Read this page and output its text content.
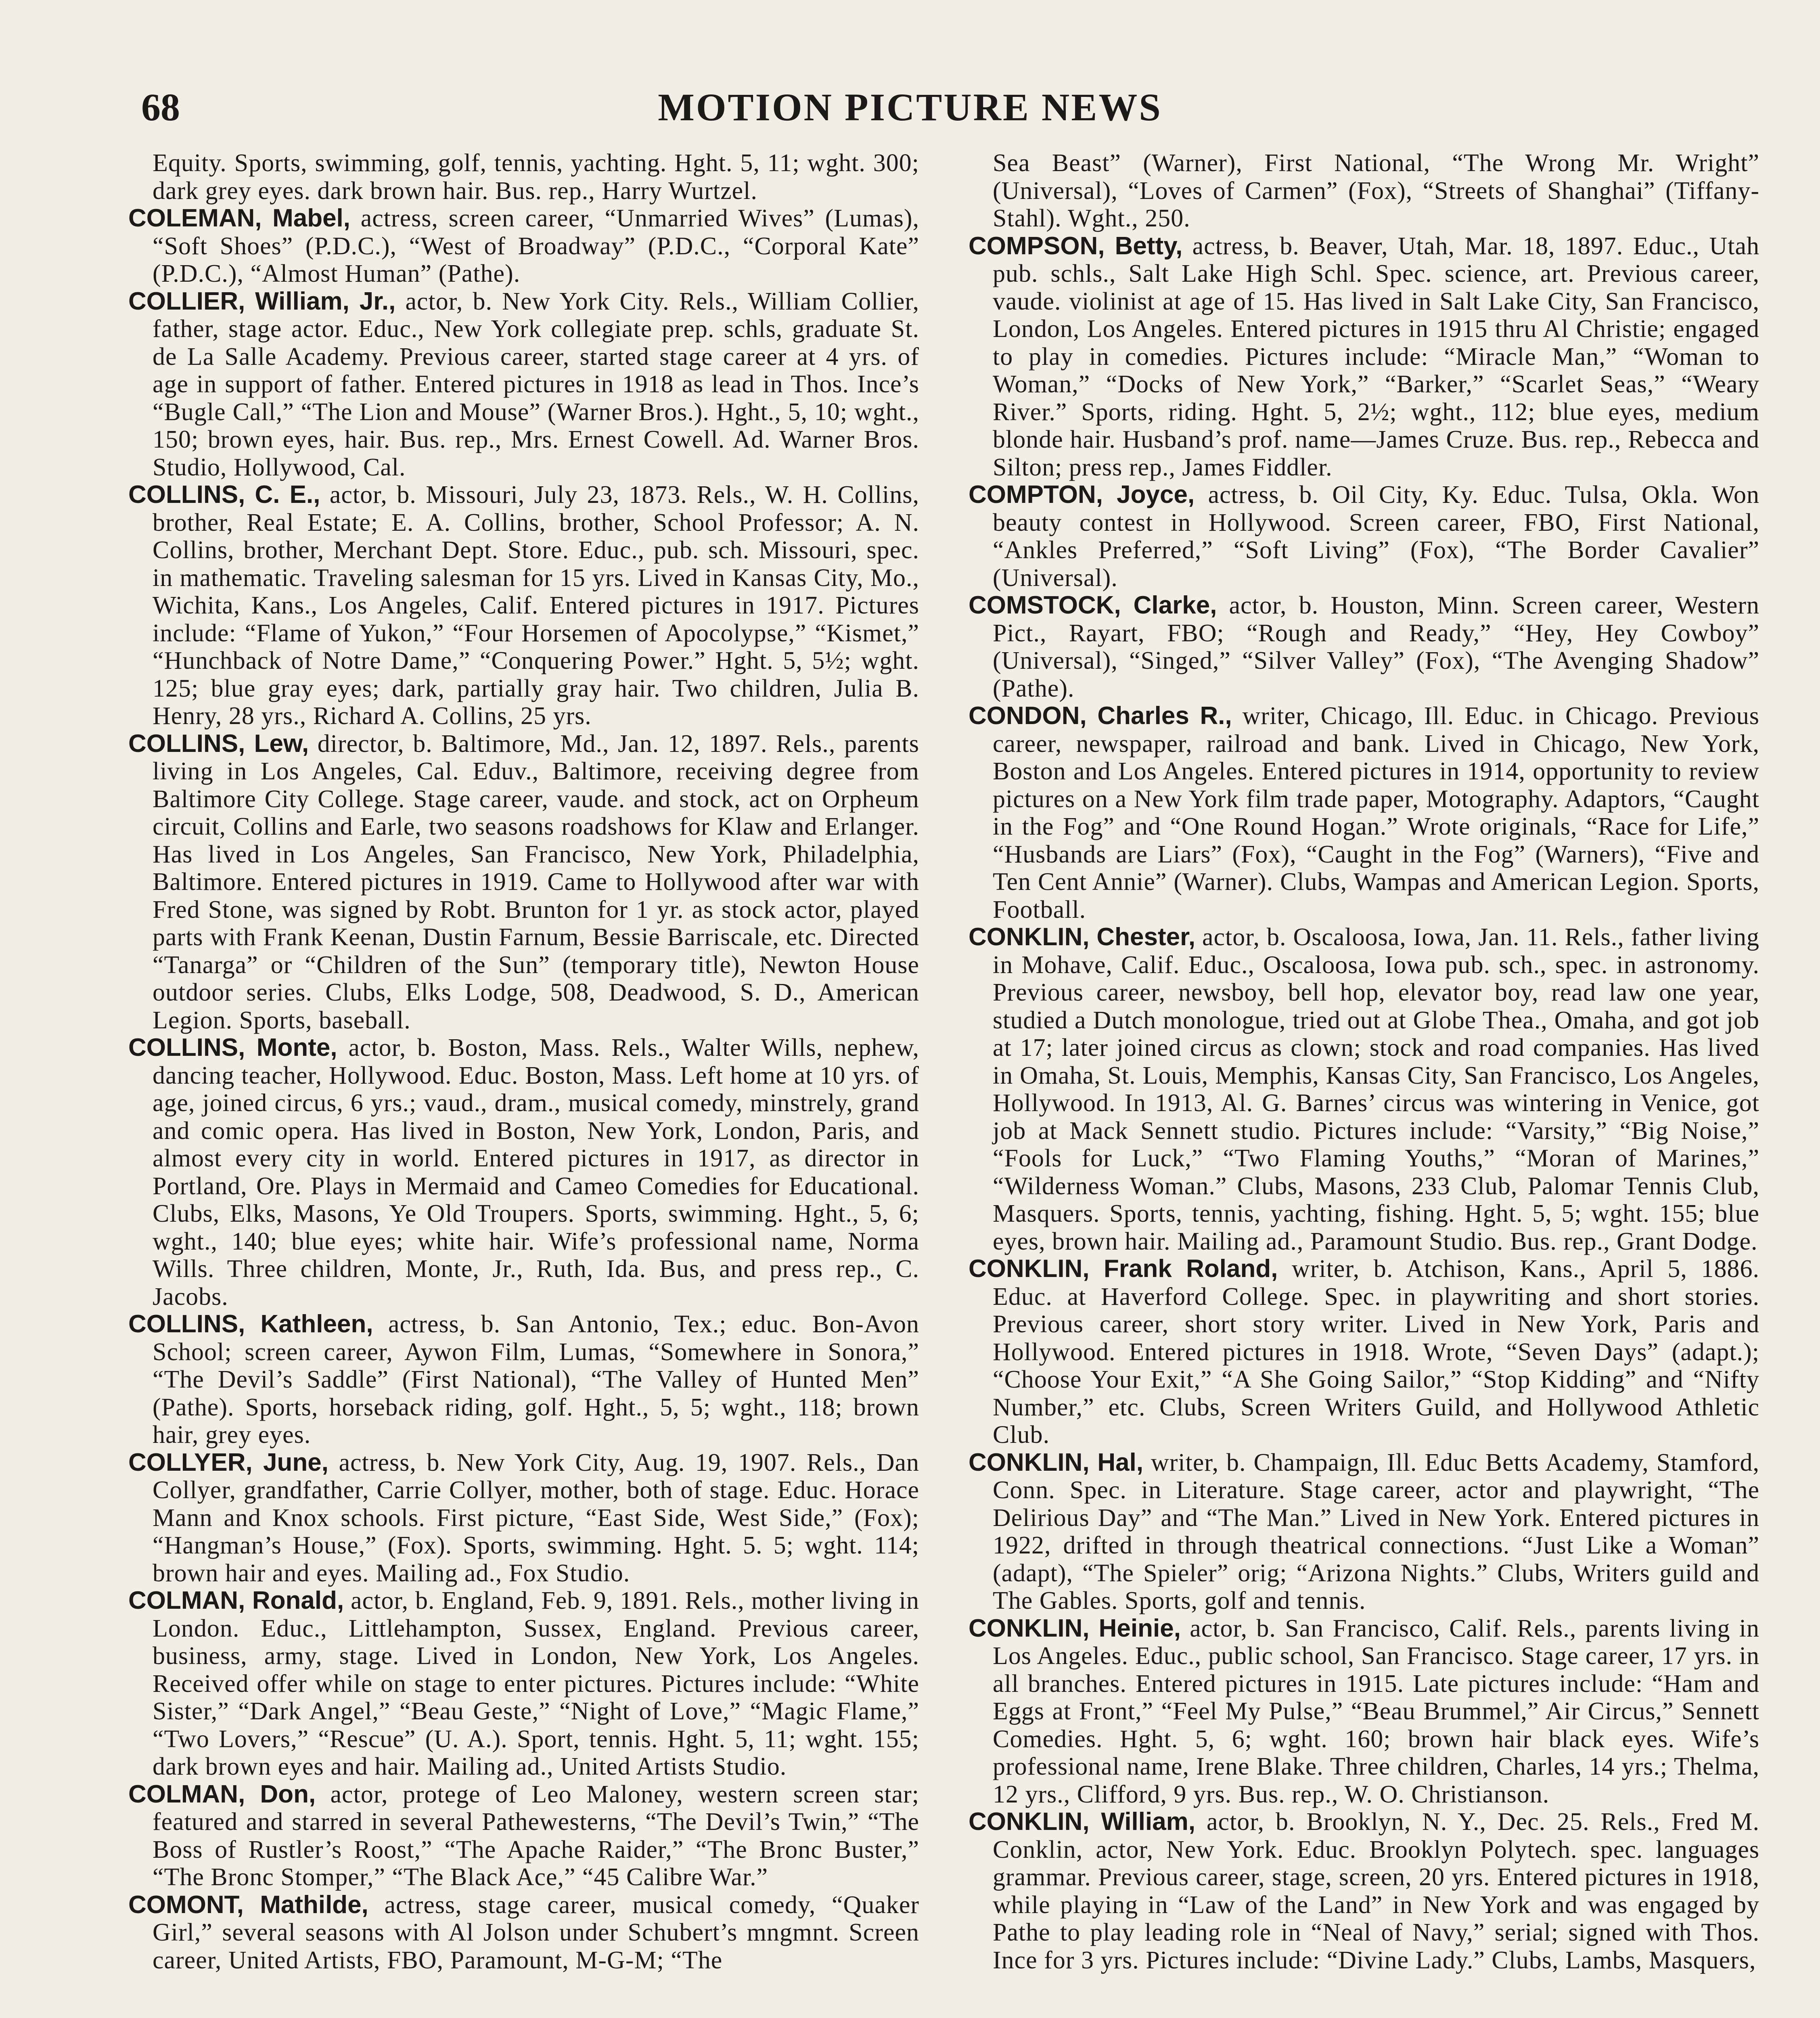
68	MOTION PICTURE NEWS

Equity. Sports, swimming, golf, tennis, yachting. Hght. 5, 11; wght. 300; dark grey eyes. dark brown hair. Bus. rep., Harry Wurtzel.

COLEMAN, Mabel, actress, screen career, “Unmarried Wives” (Lumas), “Soft Shoes” (P.D.C.), “West of Broadway” (P.D.C., “Corporal Kate” (P.D.C.), “Almost Human” (Pathe).

COLLIER, William, Jr., actor, b. New York City. Rels., William Collier, father, stage actor. Educ., New York collegiate prep. schls, graduate St. de La Salle Academy. Previous career, started stage career at 4 yrs. of age in support of father. Entered pictures in 1918 as lead in Thos. Ince’s “Bugle Call,” “The Lion and Mouse” (Warner Bros.). Hght., 5, 10; wght., 150; brown eyes, hair. Bus. rep., Mrs. Ernest Cowell. Ad. Warner Bros. Studio, Hollywood, Cal.

COLLINS, C. E., actor, b. Missouri, July 23, 1873. Rels., W. H. Collins, brother, Real Estate; E. A. Collins, brother, School Professor; A. N. Collins, brother, Merchant Dept. Store. Educ., pub. sch. Missouri, spec. in mathematic. Traveling salesman for 15 yrs. Lived in Kansas City, Mo., Wichita, Kans., Los Angeles, Calif. Entered pictures in 1917. Pictures include: “Flame of Yukon,” “Four Horsemen of Apocolypse,” “Kismet,” “Hunchback of Notre Dame,” “Conquering Power.” Hght. 5, 5½; wght. 125; blue gray eyes; dark, partially gray hair. Two children, Julia B. Henry, 28 yrs., Richard A. Collins, 25 yrs.

COLLINS, Lew, director, b. Baltimore, Md., Jan. 12, 1897. Rels., parents living in Los Angeles, Cal. Eduv., Baltimore, receiving degree from Baltimore City College. Stage career, vaude. and stock, act on Orpheum circuit, Collins and Earle, two seasons roadshows for Klaw and Erlanger. Has lived in Los Angeles, San Francisco, New York, Philadelphia, Baltimore. Entered pictures in 1919. Came to Hollywood after war with Fred Stone, was signed by Robt. Brunton for 1 yr. as stock actor, played parts with Frank Keenan, Dustin Farnum, Bessie Barriscale, etc. Directed “Tanarga” or “Children of the Sun” (temporary title), Newton House outdoor series. Clubs, Elks Lodge, 508, Deadwood, S. D., American Legion. Sports, baseball.

COLLINS, Monte, actor, b. Boston, Mass. Rels., Walter Wills, nephew, dancing teacher, Hollywood. Educ. Boston, Mass. Left home at 10 yrs. of age, joined circus, 6 yrs.; vaud., dram., musical comedy, minstrely, grand and comic opera. Has lived in Boston, New York, London, Paris, and almost every city in world. Entered pictures in 1917, as director in Portland, Ore. Plays in Mermaid and Cameo Comedies for Educational. Clubs, Elks, Masons, Ye Old Troupers. Sports, swimming. Hght., 5, 6; wght., 140; blue eyes; white hair. Wife’s professional name, Norma Wills. Three children, Monte, Jr., Ruth, Ida. Bus, and press rep., C. Jacobs.

COLLINS, Kathleen, actress, b. San Antonio, Tex.; educ. Bon-Avon School; screen career, Aywon Film, Lumas, “Somewhere in Sonora,” “The Devil’s Saddle” (First National), “The Valley of Hunted Men” (Pathe). Sports, horseback riding, golf. Hght., 5, 5; wght., 118; brown hair, grey eyes.

COLLYER, June, actress, b. New York City, Aug. 19, 1907. Rels., Dan Collyer, grandfather, Carrie Collyer, mother, both of stage. Educ. Horace Mann and Knox schools. First picture, “East Side, West Side,” (Fox); “Hangman’s House,” (Fox). Sports, swimming. Hght. 5. 5; wght. 114; brown hair and eyes. Mailing ad., Fox Studio.

COLMAN, Ronald, actor, b. England, Feb. 9, 1891. Rels., mother living in London. Educ., Littlehampton, Sussex, England. Previous career, business, army, stage. Lived in London, New York, Los Angeles. Received offer while on stage to enter pictures. Pictures include: “White Sister,” “Dark Angel,” “Beau Geste,” “Night of Love,” “Magic Flame,” “Two Lovers,” “Rescue” (U. A.). Sport, tennis. Hght. 5, 11; wght. 155; dark brown eyes and hair. Mailing ad., United Artists Studio.

COLMAN, Don, actor, protege of Leo Maloney, western screen star; featured and starred in several Pathewesterns, “The Devil’s Twin,” “The Boss of Rustler’s Roost,” “The Apache Raider,” “The Bronc Buster,” “The Bronc Stomper,” “The Black Ace,” “45 Calibre War.”

COMONT, Mathilde, actress, stage career, musical comedy, “Quaker Girl,” several seasons with Al Jolson under Schubert’s mngmnt. Screen career, United Artists, FBO, Paramount, M-G-M; “The

Sea Beast” (Warner), First National, “The Wrong Mr. Wright” (Universal), “Loves of Carmen” (Fox), “Streets of Shanghai” (Tiffany-Stahl). Wght., 250.

COMPSON, Betty, actress, b. Beaver, Utah, Mar. 18, 1897. Educ., Utah pub. schls., Salt Lake High Schl. Spec. science, art. Previous career, vaude. violinist at age of 15. Has lived in Salt Lake City, San Francisco, London, Los Angeles. Entered pictures in 1915 thru Al Christie; engaged to play in comedies. Pictures include: “Miracle Man,” “Woman to Woman,” “Docks of New York,” “Barker,” “Scarlet Seas,” “Weary River.” Sports, riding. Hght. 5, 2½; wght., 112; blue eyes, medium blonde hair. Husband’s prof. name—James Cruze. Bus. rep., Rebecca and Silton; press rep., James Fiddler.

COMPTON, Joyce, actress, b. Oil City, Ky. Educ. Tulsa, Okla. Won beauty contest in Hollywood. Screen career, FBO, First National, “Ankles Preferred,” “Soft Living” (Fox), “The Border Cavalier” (Universal).

COMSTOCK, Clarke, actor, b. Houston, Minn. Screen career, Western Pict., Rayart, FBO; “Rough and Ready,” “Hey, Hey Cowboy” (Universal), “Singed,” “Silver Valley” (Fox), “The Avenging Shadow” (Pathe).

CONDON, Charles R., writer, Chicago, Ill. Educ. in Chicago. Previous career, newspaper, railroad and bank. Lived in Chicago, New York, Boston and Los Angeles. Entered pictures in 1914, opportunity to review pictures on a New York film trade paper, Motography. Adaptors, “Caught in the Fog” and “One Round Hogan.” Wrote originals, “Race for Life,” “Husbands are Liars” (Fox), “Caught in the Fog” (Warners), “Five and Ten Cent Annie” (Warner). Clubs, Wampas and American Legion. Sports, Football.

CONKLIN, Chester, actor, b. Oscaloosa, Iowa, Jan. 11. Rels., father living in Mohave, Calif. Educ., Oscaloosa, Iowa pub. sch., spec. in astronomy. Previous career, newsboy, bell hop, elevator boy, read law one year, studied a Dutch monologue, tried out at Globe Thea., Omaha, and got job at 17; later joined circus as clown; stock and road companies. Has lived in Omaha, St. Louis, Memphis, Kansas City, San Francisco, Los Angeles, Hollywood. In 1913, Al. G. Barnes’ circus was wintering in Venice, got job at Mack Sennett studio. Pictures include: “Varsity,” “Big Noise,” “Fools for Luck,” “Two Flaming Youths,” “Moran of Marines,” “Wilderness Woman.” Clubs, Masons, 233 Club, Palomar Tennis Club, Masquers. Sports, tennis, yachting, fishing. Hght. 5, 5; wght. 155; blue eyes, brown hair. Mailing ad., Paramount Studio. Bus. rep., Grant Dodge.

CONKLIN, Frank Roland, writer, b. Atchison, Kans., April 5, 1886. Educ. at Haverford College. Spec. in playwriting and short stories. Previous career, short story writer. Lived in New York, Paris and Hollywood. Entered pictures in 1918. Wrote, “Seven Days” (adapt.); “Choose Your Exit,” “A She Going Sailor,” “Stop Kidding” and “Nifty Number,” etc. Clubs, Screen Writers Guild, and Hollywood Athletic Club.

CONKLIN, Hal, writer, b. Champaign, Ill. Educ Betts Academy, Stamford, Conn. Spec. in Literature. Stage career, actor and playwright, “The Delirious Day” and “The Man.” Lived in New York. Entered pictures in 1922, drifted in through theatrical connections. “Just Like a Woman” (adapt), “The Spieler” orig; “Arizona Nights.” Clubs, Writers guild and The Gables. Sports, golf and tennis.

CONKLIN, Heinie, actor, b. San Francisco, Calif. Rels., parents living in Los Angeles. Educ., public school, San Francisco. Stage career, 17 yrs. in all branches. Entered pictures in 1915. Late pictures include: “Ham and Eggs at Front,” “Feel My Pulse,” “Beau Brummel,” Air Circus,” Sennett Comedies. Hght. 5, 6; wght. 160; brown hair black eyes. Wife’s professional name, Irene Blake. Three children, Charles, 14 yrs.; Thelma, 12 yrs., Clifford, 9 yrs. Bus. rep., W. O. Christianson.

CONKLIN, William, actor, b. Brooklyn, N. Y., Dec. 25. Rels., Fred M. Conklin, actor, New York. Educ. Brooklyn Polytech. spec. languages grammar. Previous career, stage, screen, 20 yrs. Entered pictures in 1918, while playing in “Law of the Land” in New York and was engaged by Pathe to play leading role in “Neal of Navy,” serial; signed with Thos. Ince for 3 yrs. Pictures include: “Divine Lady.” Clubs, Lambs, Masquers,
